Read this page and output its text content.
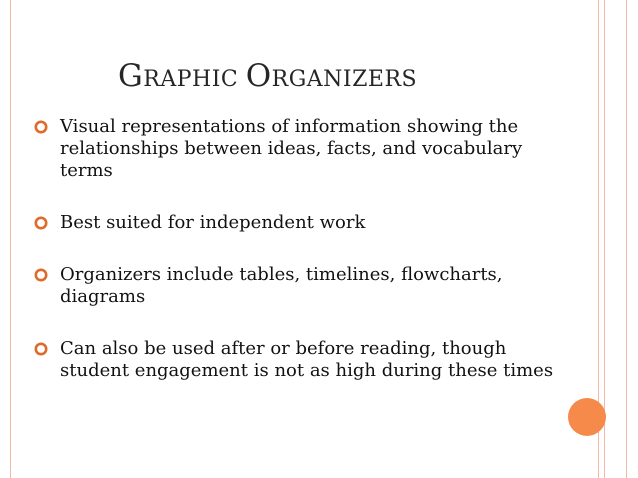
GRAPHIC ORGANIZERS
Visual representations of information showing the relationships between ideas, facts, and vocabulary terms
Best suited for independent work
Organizers include tables, timelines, flowcharts, diagrams
Can also be used after or before reading, though student engagement is not as high during these times
